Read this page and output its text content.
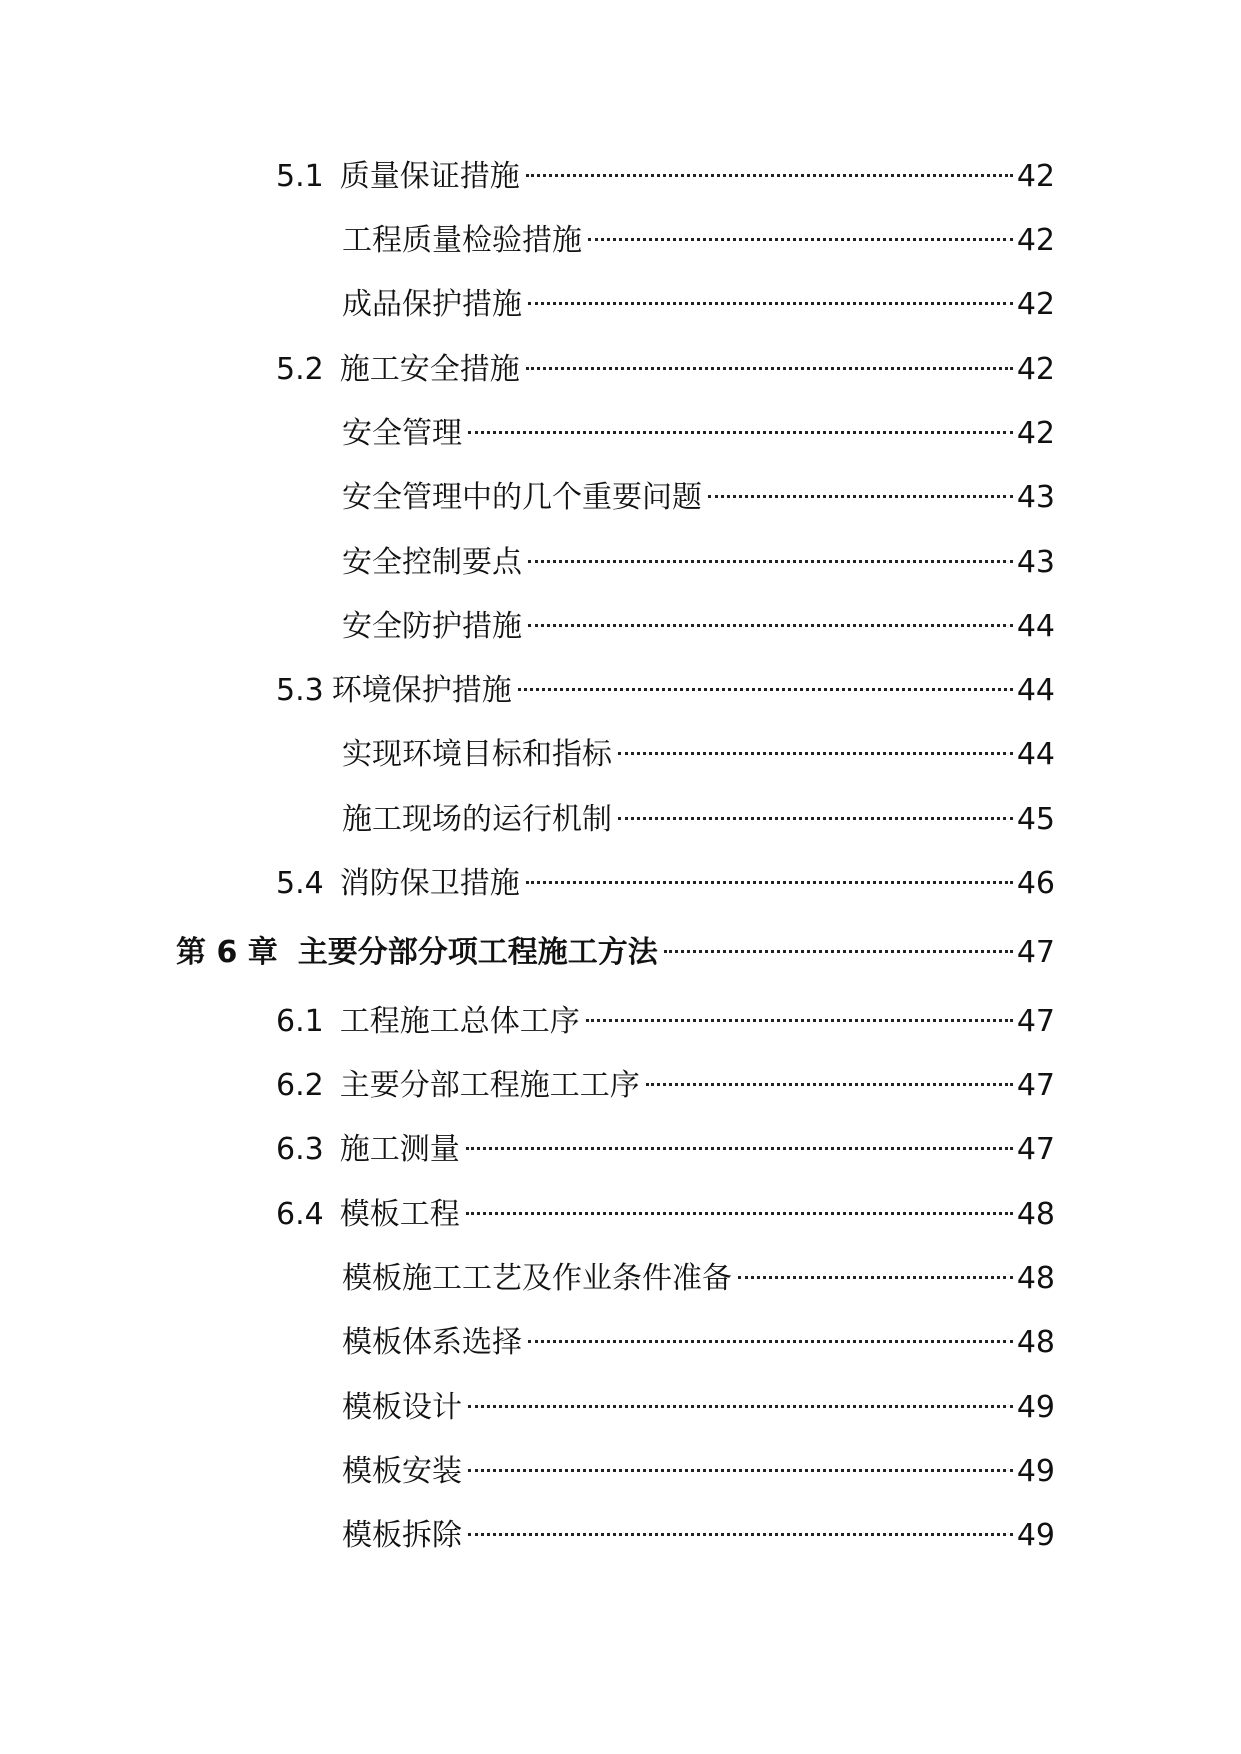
5.1 质量保证措施	42
工程质量检验措施	42
成品保护措施	42
5.2 施工安全措施	42
安全管理	42
安全管理中的几个重要问题	43
安全控制要点	43
安全防护措施	44
5.3 环境保护措施	44
实现环境目标和指标	44
施工现场的运行机制	45
5.4 消防保卫措施	46
第 6 章 主要分部分项工程施工方法	47
6.1 工程施工总体工序	47
6.2 主要分部工程施工工序	47
6.3 施工测量	47
6.4 模板工程	48
模板施工工艺及作业条件准备	48
模板体系选择	48
模板设计	49
模板安装	49
模板拆除	49
